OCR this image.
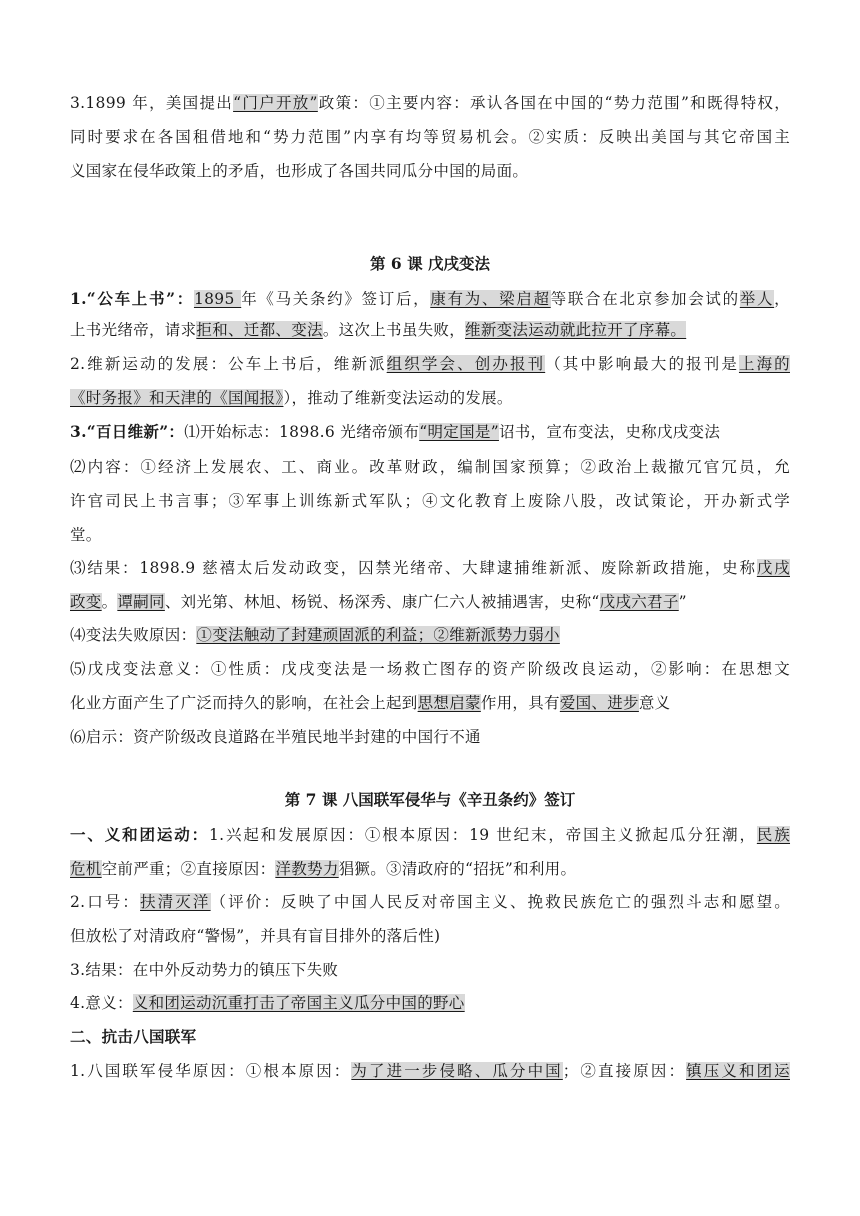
3.1899 年，美国提出“门户开放”政策：①主要内容：承认各国在中国的“势力范围”和既得特权，
同时要求在各国租借地和“势力范围”内享有均等贸易机会。②实质：反映出美国与其它帝国主
义国家在侵华政策上的矛盾，也形成了各国共同瓜分中国的局面。
第 6 课 戊戌变法
1.“公车上书”：1895 年《马关条约》签订后，康有为、梁启超等联合在北京参加会试的举人，
上书光绪帝，请求拒和、迁都、变法。这次上书虽失败，维新变法运动就此拉开了序幕。
2.维新运动的发展：公车上书后，维新派组织学会、创办报刊（其中影响最大的报刊是上海的
《时务报》和天津的《国闻报》），推动了维新变法运动的发展。
3.“百日维新”：⑴开始标志：1898.6 光绪帝颁布“明定国是”诏书，宣布变法，史称戊戌变法
⑵内容：①经济上发展农、工、商业。改革财政，编制国家预算；②政治上裁撤冗官冗员，允
许官司民上书言事；③军事上训练新式军队；④文化教育上废除八股，改试策论，开办新式学
堂。
⑶结果：1898.9 慈禧太后发动政变，囚禁光绪帝、大肆逮捕维新派、废除新政措施，史称戊戌
政变。谭嗣同、刘光第、林旭、杨锐、杨深秀、康广仁六人被捕遇害，史称“戊戌六君子”
⑷变法失败原因：①变法触动了封建顽固派的利益；②维新派势力弱小
⑸戊戌变法意义：①性质：戊戌变法是一场救亡图存的资产阶级改良运动，②影响：在思想文
化业方面产生了广泛而持久的影响，在社会上起到思想启蒙作用，具有爱国、进步意义
⑹启示：资产阶级改良道路在半殖民地半封建的中国行不通
第 7 课 八国联军侵华与《辛丑条约》签订
一、义和团运动：1.兴起和发展原因：①根本原因：19 世纪末，帝国主义掀起瓜分狂潮，民族
危机空前严重；②直接原因：洋教势力猖獗。③清政府的“招抚”和利用。
2.口号：扶清灭洋（评价：反映了中国人民反对帝国主义、挽救民族危亡的强烈斗志和愿望。
但放松了对清政府“警惕”，并具有盲目排外的落后性)
3.结果：在中外反动势力的镇压下失败
4.意义：义和团运动沉重打击了帝国主义瓜分中国的野心
二、抗击八国联军
1.八国联军侵华原因：①根本原因：为了进一步侵略、瓜分中国；②直接原因：镇压义和团运
